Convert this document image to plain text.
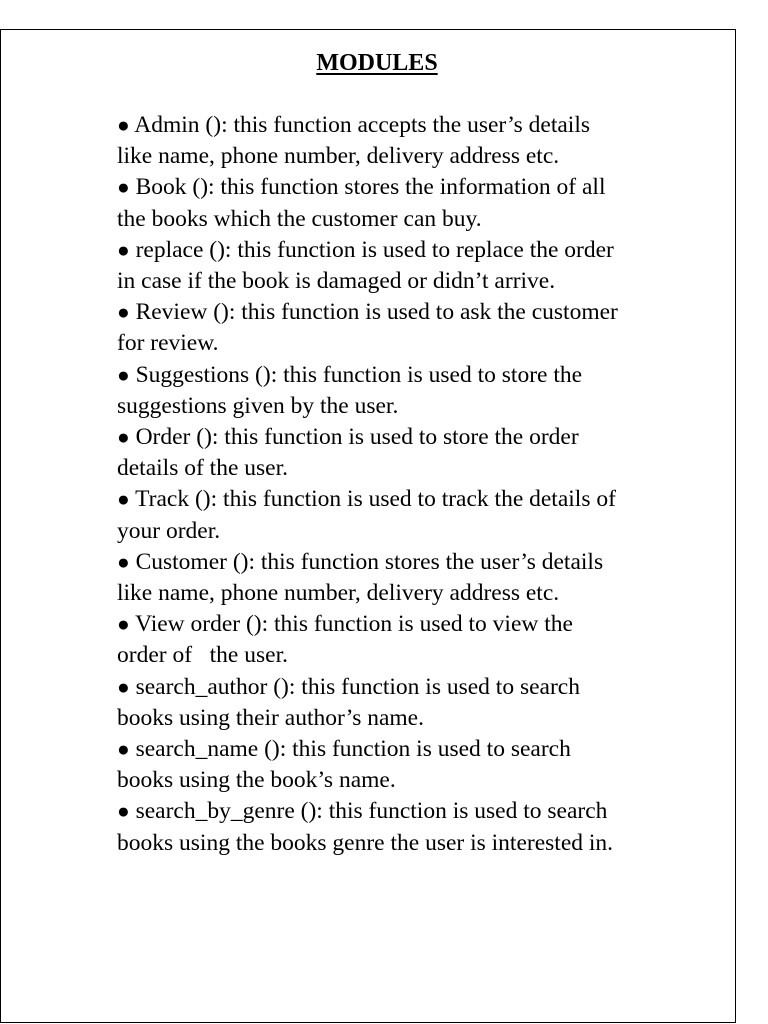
MODULES
● Admin (): this function accepts the user’s details
like name, phone number, delivery address etc.
● Book (): this function stores the information of all
the books which the customer can buy.
● replace (): this function is used to replace the order
in case if the book is damaged or didn’t arrive.
● Review (): this function is used to ask the customer
for review.
● Suggestions (): this function is used to store the
suggestions given by the user.
● Order (): this function is used to store the order
details of the user.
● Track (): this function is used to track the details of
your order.
● Customer (): this function stores the user’s details
like name, phone number, delivery address etc.
● View order (): this function is used to view the
order of   the user.
● search_author (): this function is used to search
books using their author’s name.
● search_name (): this function is used to search
books using the book’s name.
● search_by_genre (): this function is used to search
books using the books genre the user is interested in.
